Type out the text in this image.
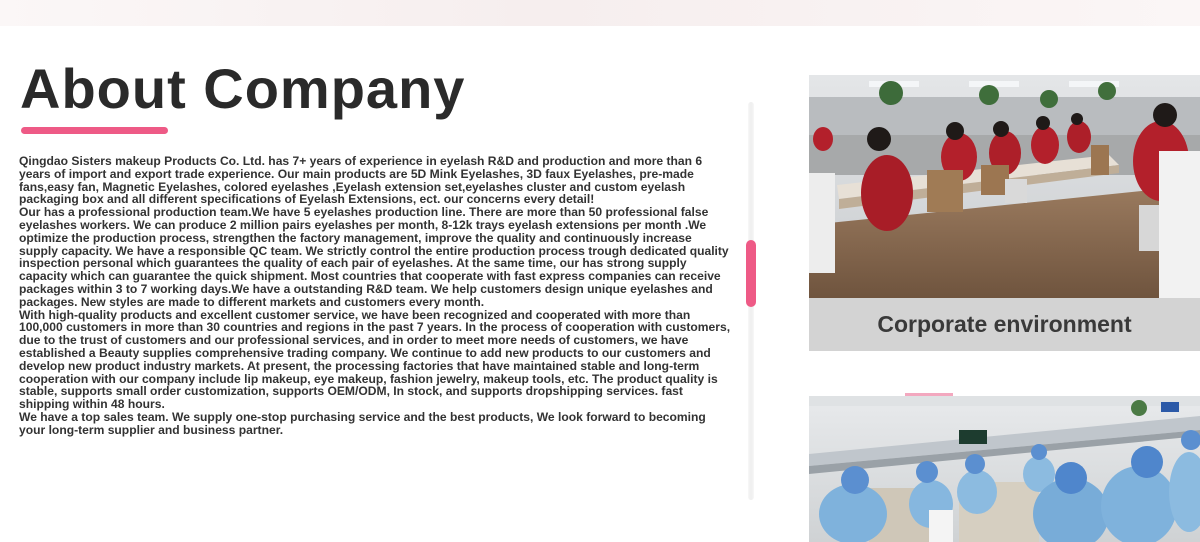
About Company

Qingdao Sisters makeup Products Co. Ltd. has 7+ years of experience in eyelash R&D and production and more than 6 years of import and export trade experience. Our main products are 5D Mink Eyelashes, 3D faux Eyelashes, pre-made fans,easy fan, Magnetic Eyelashes, colored eyelashes ,Eyelash extension set,eyelashes cluster and custom eyelash packaging box and all different specifications of Eyelash Extensions, ect. our concerns every detail!

Our has a professional production team.We have 5 eyelashes production line. There are more than 50 professional false eyelashes workers. We can produce 2 million pairs eyelashes per month, 8-12k trays eyelash extensions per month .We optimize the production process, strengthen the factory management, improve the quality and continuously increase supply capacity. We have a responsible QC team. We strictly control the entire production process trough dedicated quality inspection personal which guarantees the quality of each pair of eyelashes. At the same time, our has strong supply capacity which can guarantee the quick shipment. Most countries that cooperate with fast express companies can receive packages within 3 to 7 working days.We have a outstanding R&D team. We help customers design unique eyelashes and packages. New styles are made to different markets and customers every month.

With high-quality products and excellent customer service, we have been recognized and cooperated with more than 100,000 customers in more than 30 countries and regions in the past 7 years. In the process of cooperation with customers, due to the trust of customers and our professional services, and in order to meet more needs of customers, we have established a Beauty supplies comprehensive trading company. We continue to add new products to our customers and develop new product industry markets. At present, the processing factories that have maintained stable and long-term cooperation with our company include lip makeup, eye makeup, fashion jewelry, makeup tools, etc. The product quality is stable, supports small order customization, supports OEM/ODM, In stock, and supports dropshipping services. fast shipping within 48 hours.

We have a top sales team. We supply one-stop purchasing service and the best products, We look forward to becoming your long-term supplier and business partner.

Corporate environment
